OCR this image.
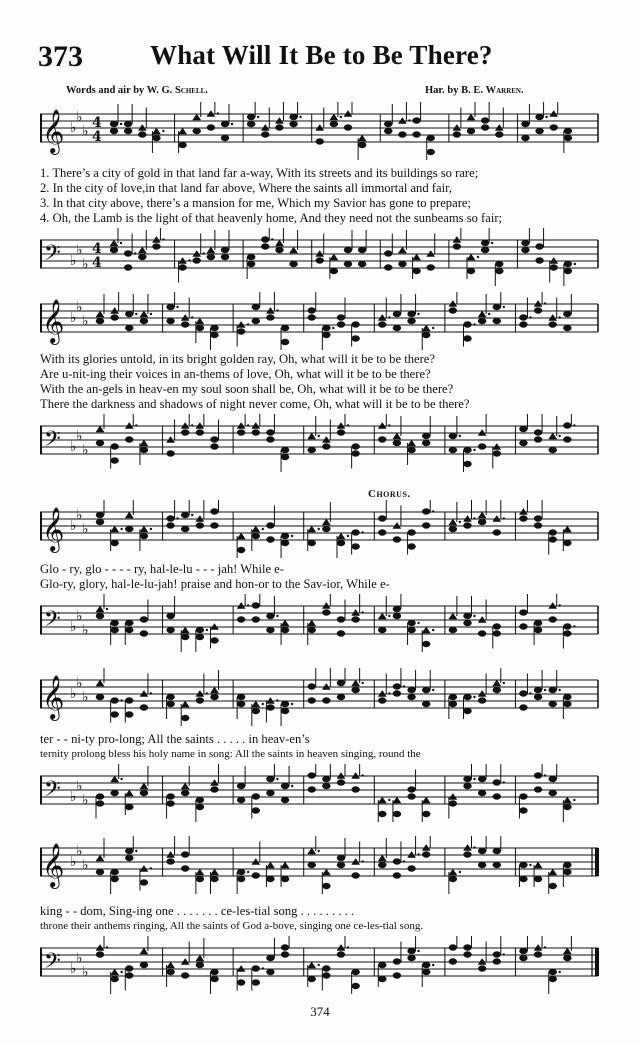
373 What Will It Be to Be There?
Words and air by W. G. Schell.	Har. by B. E. Warren.
𝄞 ♭
♭
♭
4
4
1. There’s a city of gold in that land far a-way, With its streets and its buildings so rare;
2. In the city of love,in that land far above, Where the saints all immortal and fair,
3. In that city above, there’s a mansion for me, Which my Savior has gone to prepare;
4. Oh, the Lamb is the light of that heavenly home, And they need not the sunbeams so fair;
𝄢 ♭
♭
♭
4
4
𝄞 ♭
♭
♭
With its glories untold, in its bright golden ray, Oh, what will it be to be there?
Are u-nit-ing their voices in an-thems of love, Oh, what will it be to be there?
With the an-gels in heav-en my soul soon shall be, Oh, what will it be to be there?
There the darkness and shadows of night never come, Oh, what will it be to be there?
𝄢 ♭
♭
♭
Chorus.
𝄞 ♭
♭
♭
Glo - ry, glo - - - - ry, hal-le-lu - - - jah! While e-
Glo-ry, glory, hal-le-lu-jah! praise and hon-or to the Sav-ior, While e-
𝄢 ♭
♭
♭
𝄞 ♭
♭
♭
ter - - ni-ty pro-long; All the saints . . . . . in heav-en’s
ternity prolong bless his holy name in song: All the saints in heaven singing, round the
𝄢 ♭
♭
♭
𝄞 ♭
♭
♭
king - - dom, Sing-ing one . . . . . . . ce-les-tial song . . . . . . . . .
throne their anthems ringing, All the saints of God a-bove, singing one ce-les-tial song.
𝄢 ♭
♭
♭
374
